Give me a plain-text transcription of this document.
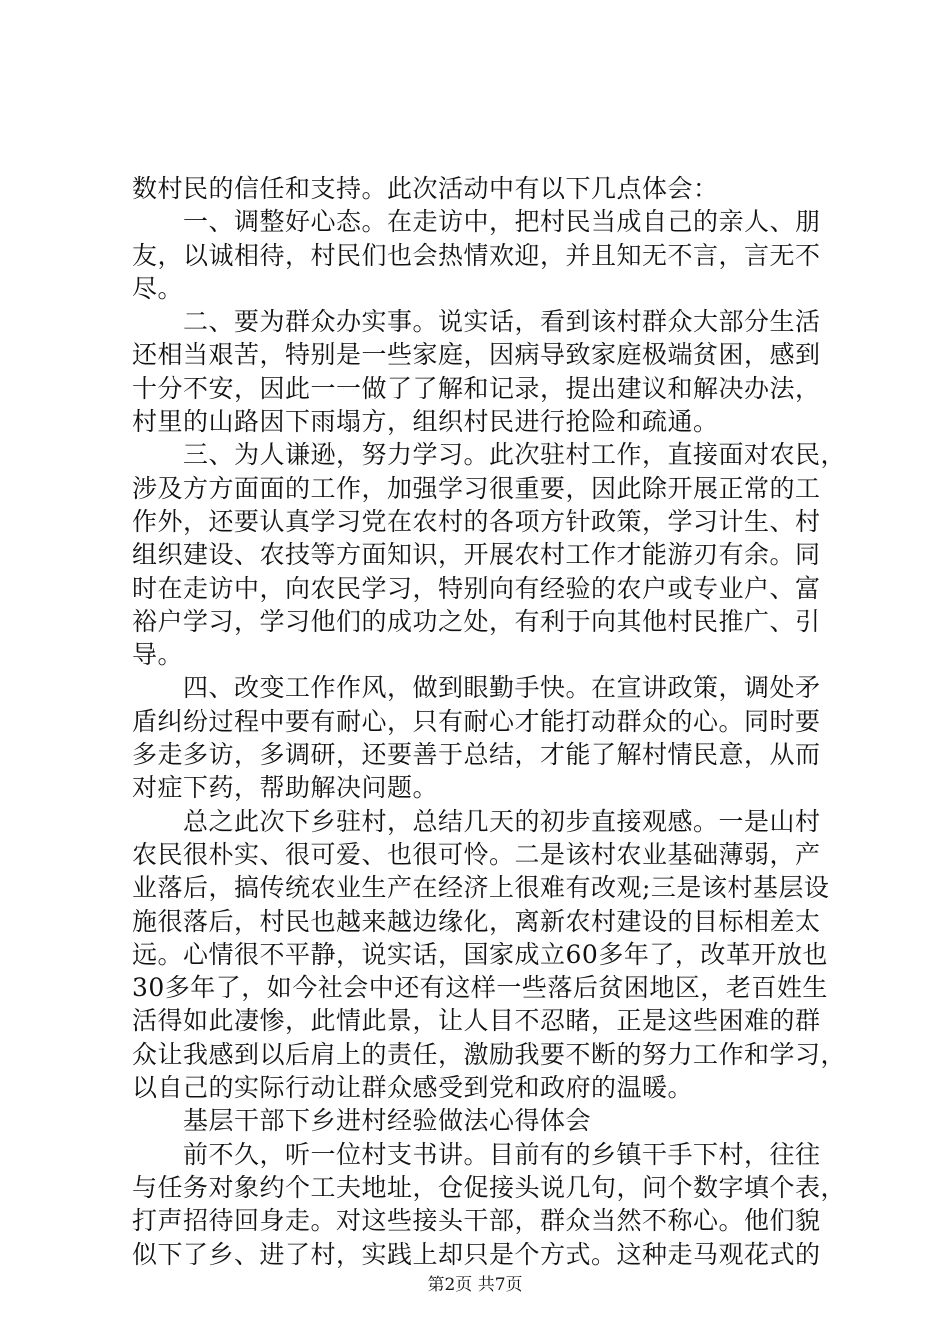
数村民的信任和支持。此次活动中有以下几点体会：
　　一、调整好心态。在走访中，把村民当成自己的亲人、朋
友，以诚相待，村民们也会热情欢迎，并且知无不言，言无不
尽。
　　二、要为群众办实事。说实话，看到该村群众大部分生活
还相当艰苦，特别是一些家庭，因病导致家庭极端贫困，感到
十分不安，因此一一做了了解和记录，提出建议和解决办法，
村里的山路因下雨塌方，组织村民进行抢险和疏通。
　　三、为人谦逊，努力学习。此次驻村工作，直接面对农民，
涉及方方面面的工作，加强学习很重要，因此除开展正常的工
作外，还要认真学习党在农村的各项方针政策，学习计生、村
组织建设、农技等方面知识，开展农村工作才能游刃有余。同
时在走访中，向农民学习，特别向有经验的农户或专业户、富
裕户学习，学习他们的成功之处，有利于向其他村民推广、引
导。
　　四、改变工作作风，做到眼勤手快。在宣讲政策，调处矛
盾纠纷过程中要有耐心，只有耐心才能打动群众的心。同时要
多走多访，多调研，还要善于总结，才能了解村情民意，从而
对症下药，帮助解决问题。
　　总之此次下乡驻村，总结几天的初步直接观感。一是山村
农民很朴实、很可爱、也很可怜。二是该村农业基础薄弱，产
业落后，搞传统农业生产在经济上很难有改观;三是该村基层设
施很落后，村民也越来越边缘化，离新农村建设的目标相差太
远。心情很不平静，说实话，国家成立60多年了，改革开放也
30多年了，如今社会中还有这样一些落后贫困地区，老百姓生
活得如此凄惨，此情此景，让人目不忍睹，正是这些困难的群
众让我感到以后肩上的责任，激励我要不断的努力工作和学习，
以自己的实际行动让群众感受到党和政府的温暖。
　　基层干部下乡进村经验做法心得体会
　　前不久，听一位村支书讲。目前有的乡镇干手下村，往往
与任务对象约个工夫地址，仓促接头说几句，问个数字填个表，
打声招待回身走。对这些接头干部，群众当然不称心。他们貌
似下了乡、进了村，实践上却只是个方式。这种走马观花式的
第2页 共7页
